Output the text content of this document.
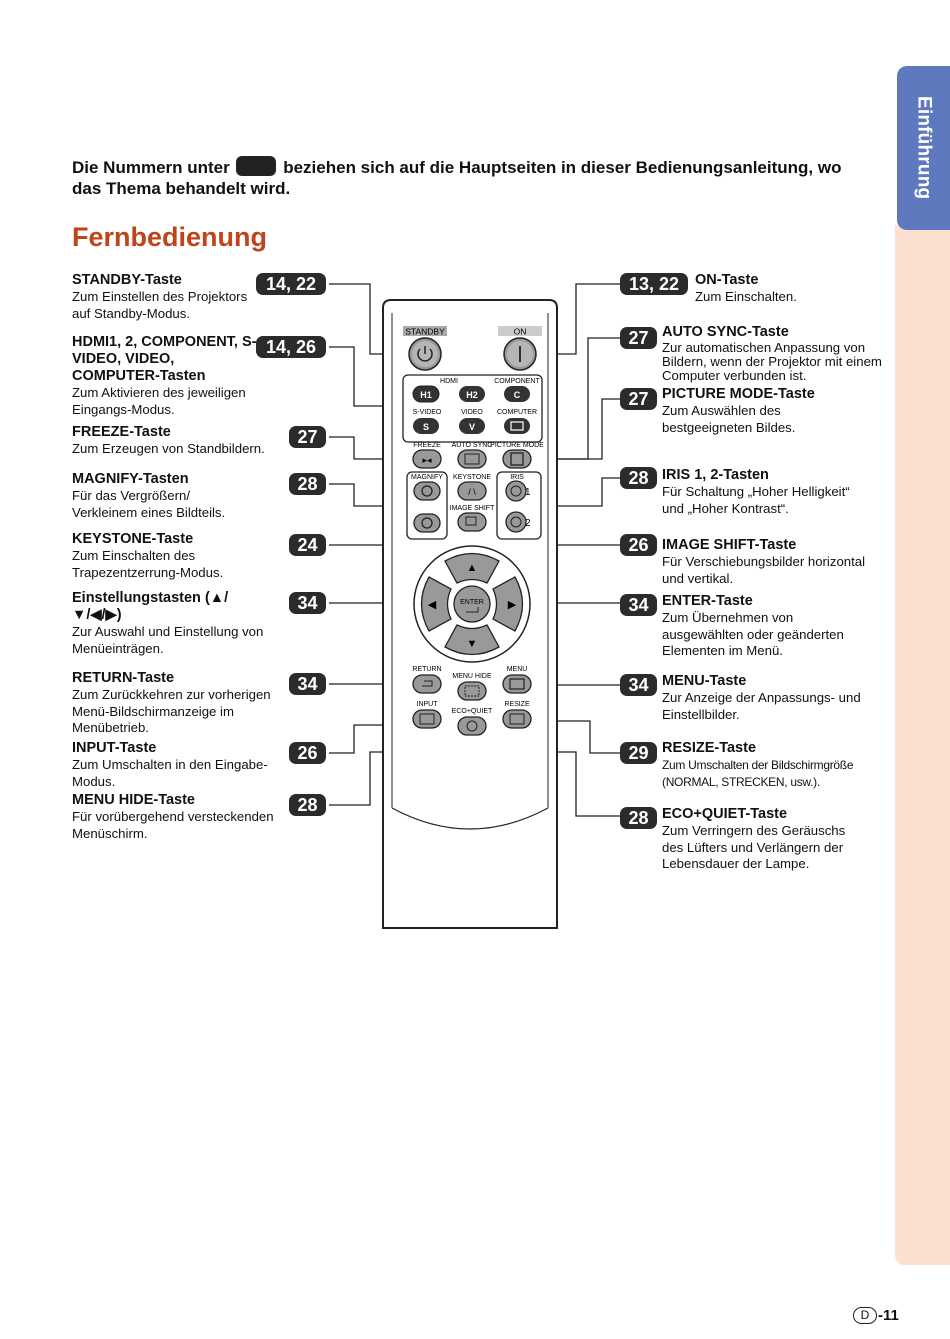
Einführung
Die Nummern unter	beziehen sich auf die Hauptseiten in dieser Bedienungsanleitung, wo das Thema behandelt wird.
Fernbedienung
STANDBY	ON
HDMI	COMPONENT
H1	H2	C
S-VIDEO	VIDEO COMPUTER
S	V
FREEZE AUTO SYNC
PICTURE MODE
▸◂
MAGNIFY KEYSTONE
/ \
IMAGE SHIFT
IRIS
1
2
▲
▼
◀	▶
ENTER
RETURN
MENU HIDE
MENU
INPUT
ECO+QUIET
RESIZE
STANDBY-Taste
Zum Einstellen des Projektors auf Standby-Modus.
HDMI1, 2, COMPONENT, S-VIDEO, VIDEO, COMPUTER-Tasten
Zum Aktivieren des jeweiligen Eingangs-Modus.
FREEZE-Taste
Zum Erzeugen von Standbildern.
MAGNIFY-Tasten
Für das Vergrößern/ Verkleinem eines Bildteils.
KEYSTONE-Taste
Zum Einschalten des Trapezentzerrung-Modus.
Einstellungstasten (▲/▼/◀/▶)
Zur Auswahl und Einstellung von Menüeinträgen.
RETURN-Taste
Zum Zurückkehren zur vorherigen Menü-Bildschirmanzeige im Menübetrieb.
INPUT-Taste
Zum Umschalten in den Eingabe-Modus.
MENU HIDE-Taste
Für vorübergehend versteckenden Menüschirm.
14, 22
14, 26
27
28
24
34
34
26
28
13, 22
27
27
28
26
34
34
29
28
ON-Taste
Zum Einschalten.
AUTO SYNC-Taste
Zur automatischen Anpassung von Bildern, wenn der Projektor mit einem Computer verbunden ist.
PICTURE MODE-Taste
Zum Auswählen des bestgeeigneten Bildes.
IRIS 1, 2-Tasten
Für Schaltung „Hoher Helligkeit“ und „Hoher Kontrast“.
IMAGE SHIFT-Taste
Für Verschiebungsbilder horizontal und vertikal.
ENTER-Taste
Zum Übernehmen von ausgewählten oder geänderten Elementen im Menü.
MENU-Taste
Zur Anzeige der Anpassungs- und Einstellbilder.
RESIZE-Taste
Zum Umschalten der Bildschirmgröße (NORMAL, STRECKEN, usw.).
ECO+QUIET-Taste
Zum Verringern des Geräuschs des Lüfters und Verlängern der Lebensdauer der Lampe.
D -11
